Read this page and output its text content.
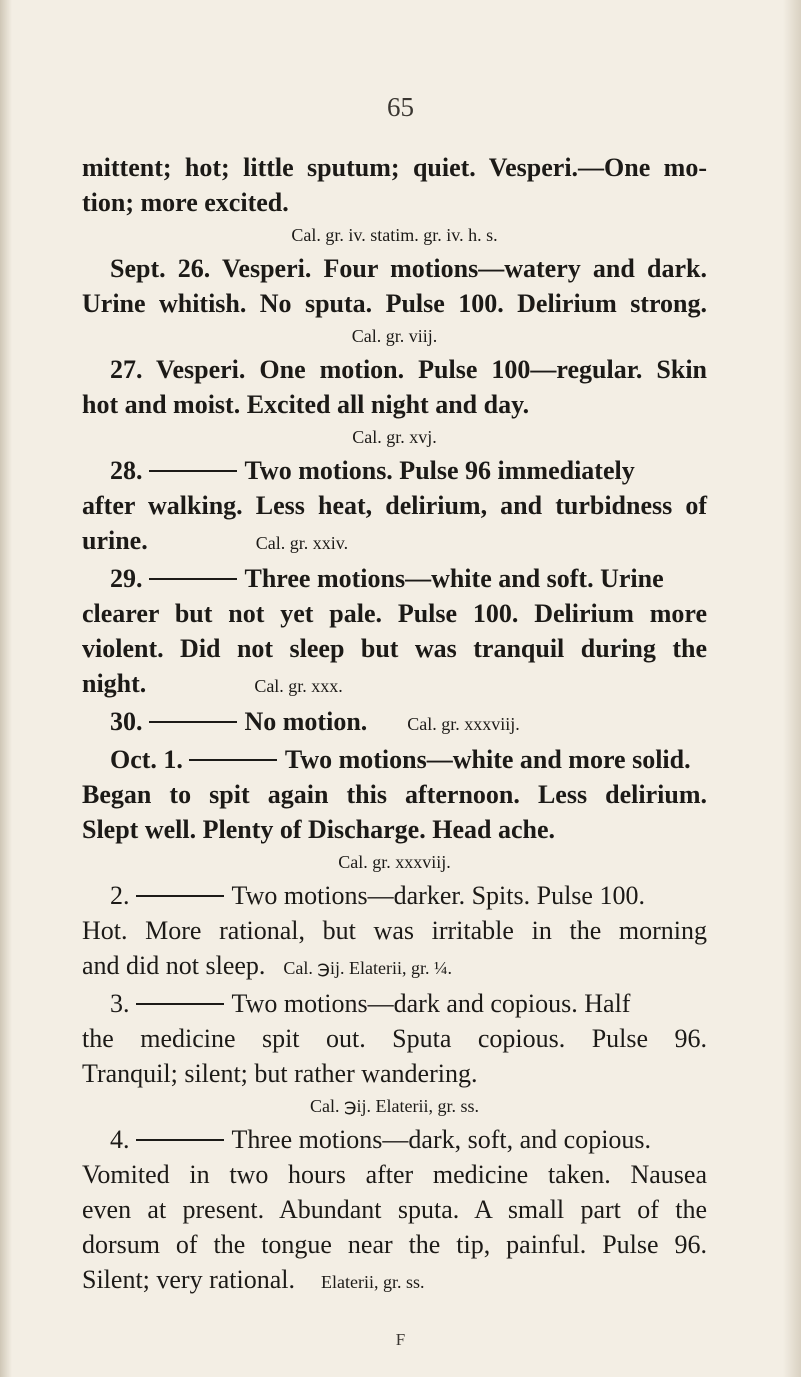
65
mittent; hot; little sputum; quiet. Vesperi.—One mo-
tion; more excited.
Cal. gr. iv. statim. gr. iv. h. s.
Sept. 26. Vesperi. Four motions—watery and dark.
Urine whitish. No sputa. Pulse 100. Delirium strong.
Cal. gr. viij.
27. Vesperi. One motion. Pulse 100—regular. Skin
hot and moist. Excited all night and day.
Cal. gr. xvj.
28.	Two motions. Pulse 96 immediately
after walking. Less heat, delirium, and turbidness of
urine.	Cal. gr. xxiv.
29.	Three motions—white and soft. Urine
clearer but not yet pale. Pulse 100. Delirium more
violent. Did not sleep but was tranquil during the
night.	Cal. gr. xxx.
30.	No motion. Cal. gr. xxxviij.
Oct. 1.	Two motions—white and more solid.
Began to spit again this afternoon. Less delirium.
Slept well. Plenty of Discharge. Head ache.
Cal. gr. xxxviij.
2.	Two motions—darker. Spits. Pulse 100.
Hot. More rational, but was irritable in the morning
and did not sleep. Cal. ℈ij. Elaterii, gr. ¼.
3.	Two motions—dark and copious. Half
the medicine spit out. Sputa copious. Pulse 96.
Tranquil; silent; but rather wandering.
Cal. ℈ij. Elaterii, gr. ss.
4.	Three motions—dark, soft, and copious.
Vomited in two hours after medicine taken. Nausea
even at present. Abundant sputa. A small part of the
dorsum of the tongue near the tip, painful. Pulse 96.
Silent; very rational. Elaterii, gr. ss.
F
